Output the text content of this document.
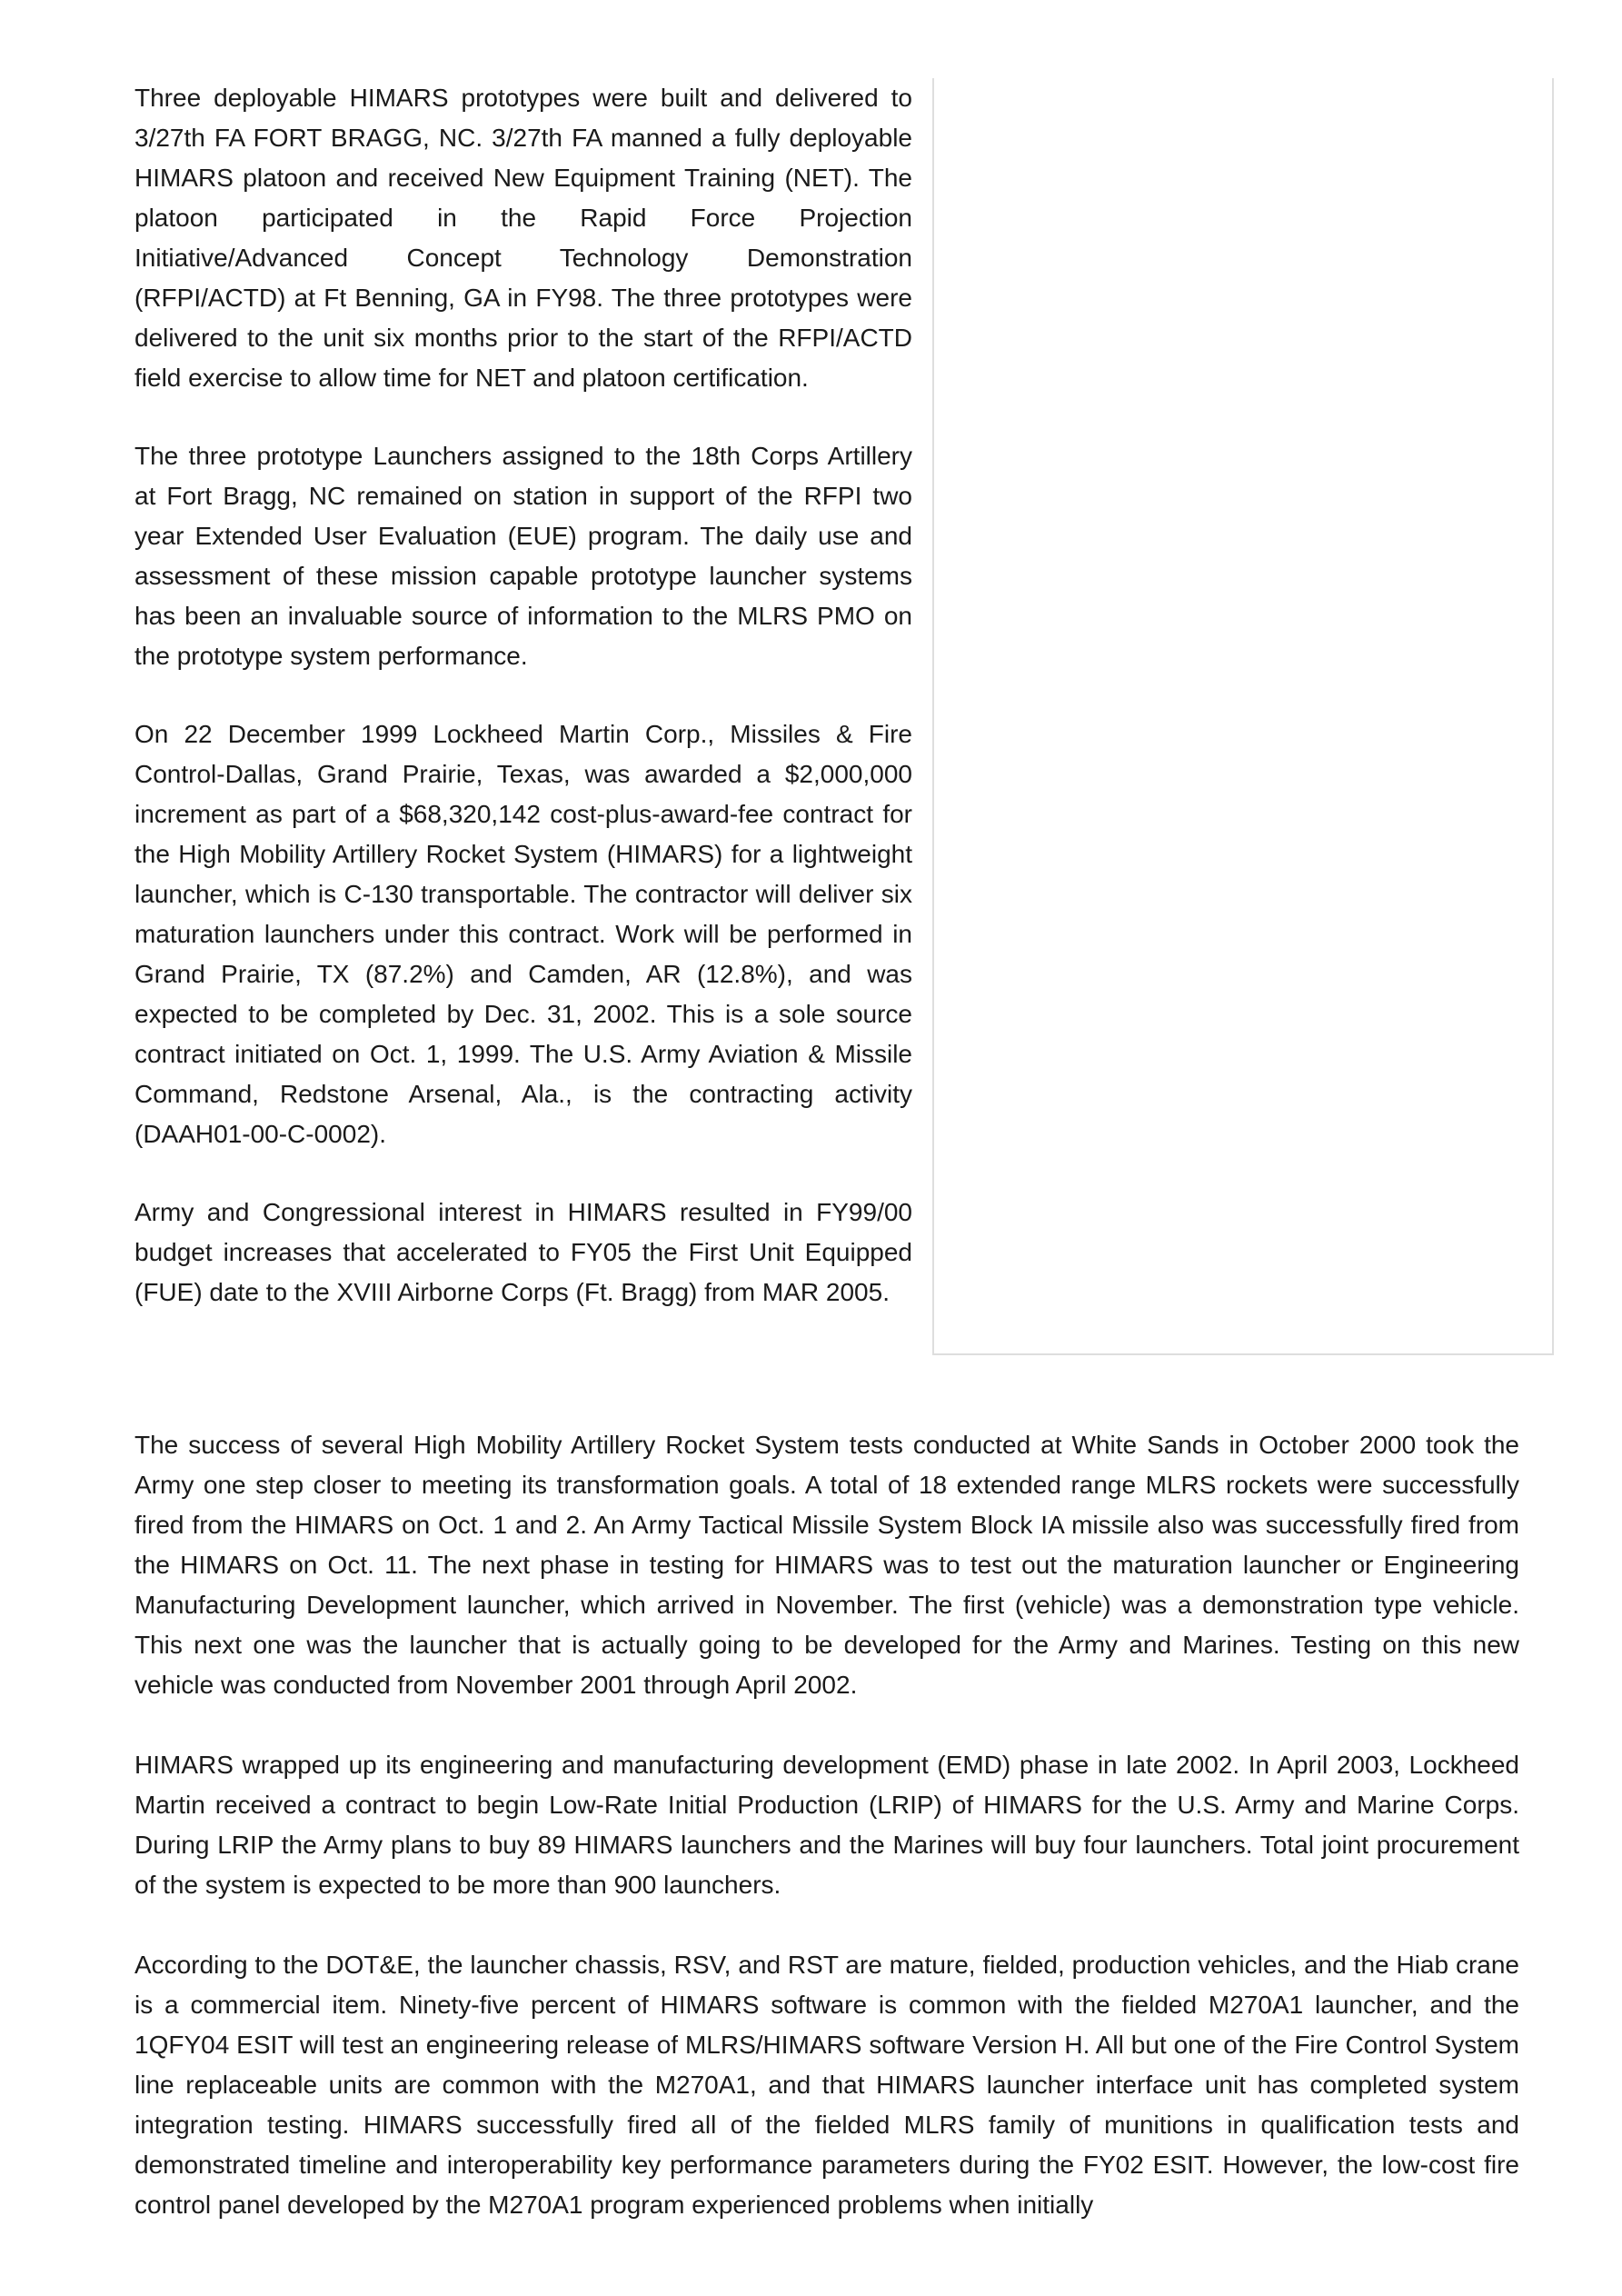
Three deployable HIMARS prototypes were built and delivered to 3/27th FA FORT BRAGG, NC. 3/27th FA manned a fully deployable HIMARS platoon and received New Equipment Training (NET). The platoon participated in the Rapid Force Projection Initiative/Advanced Concept Technology Demonstration (RFPI/ACTD) at Ft Benning, GA in FY98. The three prototypes were delivered to the unit six months prior to the start of the RFPI/ACTD field exercise to allow time for NET and platoon certification.

The three prototype Launchers assigned to the 18th Corps Artillery at Fort Bragg, NC remained on station in support of the RFPI two year Extended User Evaluation (EUE) program. The daily use and assessment of these mission capable prototype launcher systems has been an invaluable source of information to the MLRS PMO on the prototype system performance.

On 22 December 1999 Lockheed Martin Corp., Missiles & Fire Control-Dallas, Grand Prairie, Texas, was awarded a $2,000,000 increment as part of a $68,320,142 cost-plus-award-fee contract for the High Mobility Artillery Rocket System (HIMARS) for a lightweight launcher, which is C-130 transportable. The contractor will deliver six maturation launchers under this contract. Work will be performed in Grand Prairie, TX (87.2%) and Camden, AR (12.8%), and was expected to be completed by Dec. 31, 2002. This is a sole source contract initiated on Oct. 1, 1999. The U.S. Army Aviation & Missile Command, Redstone Arsenal, Ala., is the contracting activity (DAAH01-00-C-0002).

Army and Congressional interest in HIMARS resulted in FY99/00 budget increases that accelerated to FY05 the First Unit Equipped (FUE) date to the XVIII Airborne Corps (Ft. Bragg) from MAR 2005.

The success of several High Mobility Artillery Rocket System tests conducted at White Sands in October 2000 took the Army one step closer to meeting its transformation goals. A total of 18 extended range MLRS rockets were successfully fired from the HIMARS on Oct. 1 and 2. An Army Tactical Missile System Block IA missile also was successfully fired from the HIMARS on Oct. 11. The next phase in testing for HIMARS was to test out the maturation launcher or Engineering Manufacturing Development launcher, which arrived in November. The first (vehicle) was a demonstration type vehicle. This next one was the launcher that is actually going to be developed for the Army and Marines. Testing on this new vehicle was conducted from November 2001 through April 2002.

HIMARS wrapped up its engineering and manufacturing development (EMD) phase in late 2002. In April 2003, Lockheed Martin received a contract to begin Low-Rate Initial Production (LRIP) of HIMARS for the U.S. Army and Marine Corps. During LRIP the Army plans to buy 89 HIMARS launchers and the Marines will buy four launchers. Total joint procurement of the system is expected to be more than 900 launchers.

According to the DOT&E, the launcher chassis, RSV, and RST are mature, fielded, production vehicles, and the Hiab crane is a commercial item. Ninety-five percent of HIMARS software is common with the fielded M270A1 launcher, and the 1QFY04 ESIT will test an engineering release of MLRS/HIMARS software Version H. All but one of the Fire Control System line replaceable units are common with the M270A1, and that HIMARS launcher interface unit has completed system integration testing. HIMARS successfully fired all of the fielded MLRS family of munitions in qualification tests and demonstrated timeline and interoperability key performance parameters during the FY02 ESIT. However, the low-cost fire control panel developed by the M270A1 program experienced problems when initially
